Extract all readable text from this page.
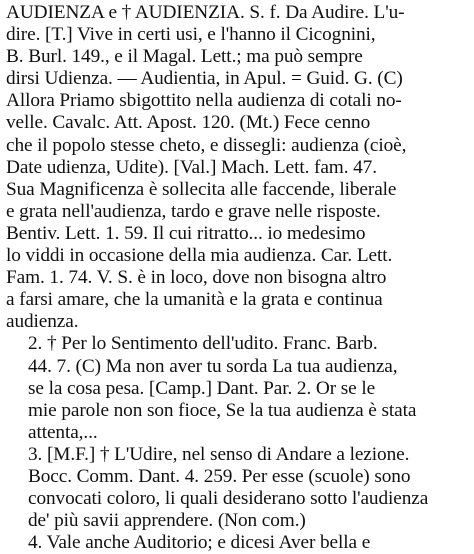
AUDIENZA e † AUDIENZIA. S. f. Da Audire. L'u-
dire. [T.] Vive in certi usi, e l'hanno il Cicognini,
B. Burl. 149., e il Magal. Lett.; ma può sempre
dirsi Udienza. — Audientia, in Apul. = Guid. G. (C)
Allora Priamo sbigottito nella audienza di cotali no-
velle. Cavalc. Att. Apost. 120. (Mt.) Fece cenno
che il popolo stesse cheto, e dissegli: audienza (cioè,
Date udienza, Udite). [Val.] Mach. Lett. fam. 47.
Sua Magnificenza è sollecita alle faccende, liberale
e grata nell'audienza, tardo e grave nelle risposte.
Bentiv. Lett. 1. 59. Il cui ritratto... io medesimo
lo viddi in occasione della mia audienza. Car. Lett.
Fam. 1. 74. V. S. è in loco, dove non bisogna altro
a farsi amare, che la umanità e la grata e continua
audienza.

2. † Per lo Sentimento dell'udito. Franc. Barb.
44. 7. (C) Ma non aver tu sorda La tua audienza,
se la cosa pesa. [Camp.] Dant. Par. 2. Or se le
mie parole non son fioce, Se la tua audienza è stata
attenta,...

3. [M.F.] † L'Udire, nel senso di Andare a lezione.
Bocc. Comm. Dant. 4. 259. Per esse (scuole) sono
convocati coloro, li quali desiderano sotto l'audienza
de' più savii apprendere. (Non com.)

4. Vale anche Auditorio; e dicesi Aver bella e
